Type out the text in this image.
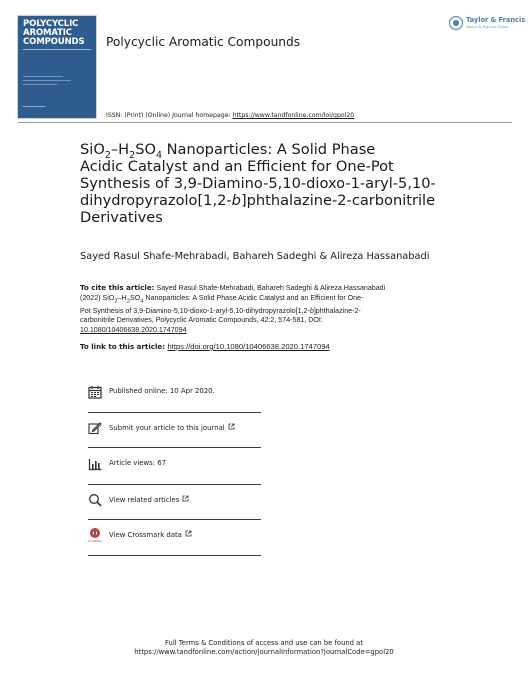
POLYCYCLIC
AROMATIC
COMPOUNDS	Polycyclic Aromatic Compounds
Taylor & Francis
Taylor & Francis Group
ISSN: (Print) (Online) Journal homepage: https://www.tandfonline.com/loi/gpol20
$SiO_2-H_2SO_4$ Nanoparticles: A Solid Phase
Acidic Catalyst and an Efficient for One-Pot
Synthesis of 3,9-Diamino-5,10-dioxo-1-aryl-5,10-
dihydropyrazolo[1,2-b]phthalazine-2-carbonitrile
Derivatives
Sayed Rasul Shafe-Mehrabadi, Bahareh Sadeghi & Alireza Hassanabadi
To cite this article: Sayed Rasul Shafe-Mehrabadi, Bahareh Sadeghi & Alireza Hassanabadi
(2022) $SiO_2-H_2SO_4$ Nanoparticles: A Solid Phase Acidic Catalyst and an Efficient for One-
Pot Synthesis of 3,9-Diamino-5,10-dioxo-1-aryl-5,10-dihydropyrazolo[1,2-b]phthalazine-2-
carbonitrile Derivatives, Polycyclic Aromatic Compounds, 42:2, 574-581, DOI:
10.1080/10406638.2020.1747094
To link to this article: https://doi.org/10.1080/10406638.2020.1747094
Published online: 10 Apr 2020.
Submit your article to this journal
Article views: 67
View related articles
CrossMark
View Crossmark data
Full Terms & Conditions of access and use can be found at
https://www.tandfonline.com/action/journalInformation?journalCode=gpol20
